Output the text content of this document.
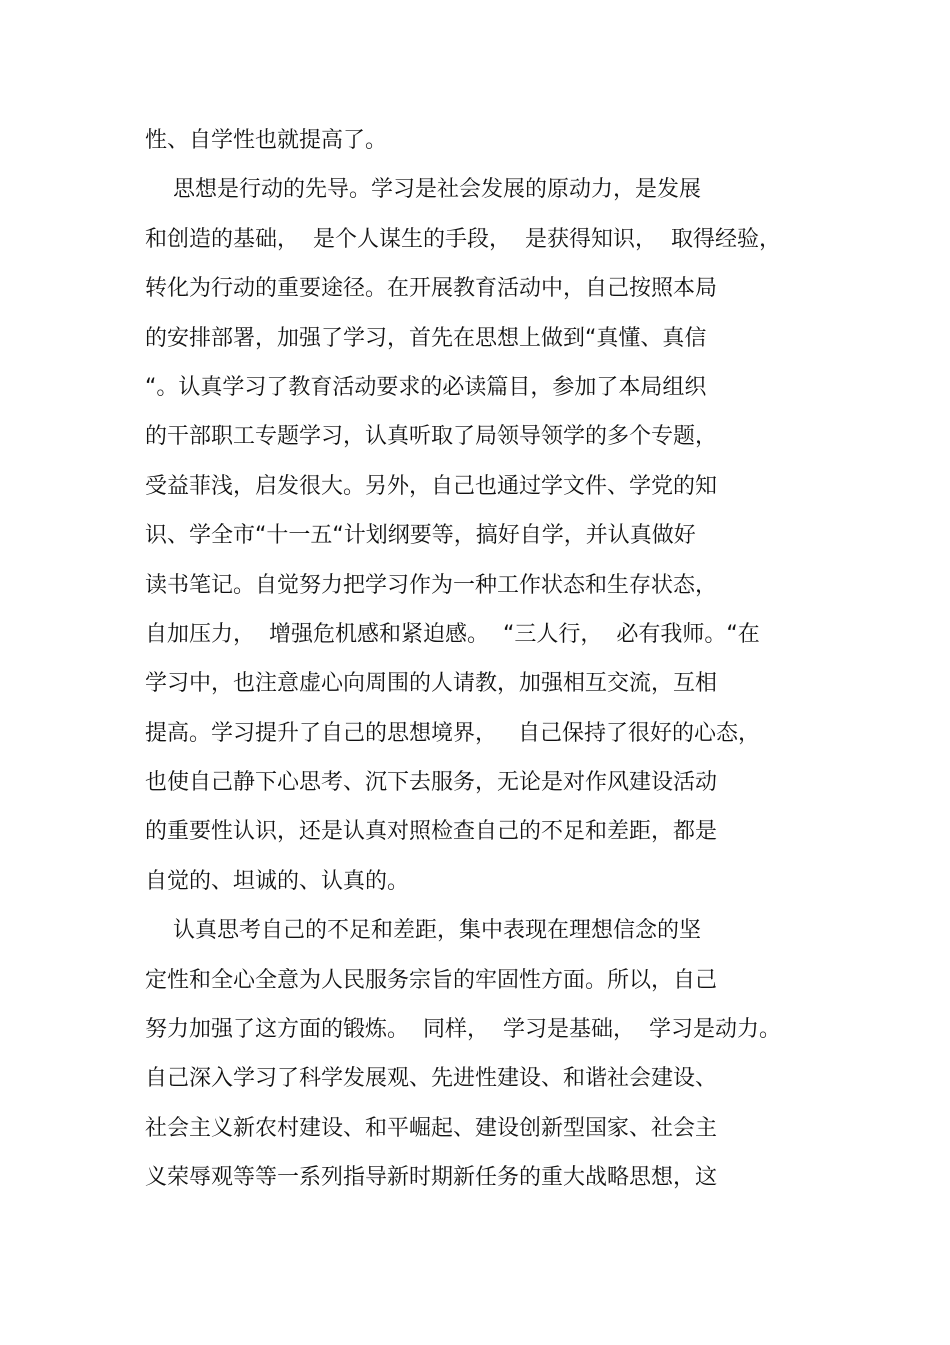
性、自学性也就提高了。
思想是行动的先导。学习是社会发展的原动力，是发展
和创造的基础，  是个人谋生的手段，  是获得知识，  取得经验，
转化为行动的重要途径。在开展教育活动中，自己按照本局
的安排部署，加强了学习，首先在思想上做到“真懂、真信
“。认真学习了教育活动要求的必读篇目，参加了本局组织
的干部职工专题学习，认真听取了局领导领学的多个专题，
受益菲浅，启发很大。另外，自己也通过学文件、学党的知
识、学全市“十一五“计划纲要等，搞好自学，并认真做好
读书笔记。自觉努力把学习作为一种工作状态和生存状态，
自加压力，  增强危机感和紧迫感。  “三人行，  必有我师。“在
学习中，也注意虚心向周围的人请教，加强相互交流，互相
提高。学习提升了自己的思想境界，   自己保持了很好的心态，
也使自己静下心思考、沉下去服务，无论是对作风建设活动
的重要性认识，还是认真对照检查自己的不足和差距，都是
自觉的、坦诚的、认真的。
认真思考自己的不足和差距，集中表现在理想信念的坚
定性和全心全意为人民服务宗旨的牢固性方面。所以，自己
努力加强了这方面的锻炼。  同样，  学习是基础，  学习是动力。
自己深入学习了科学发展观、先进性建设、和谐社会建设、
社会主义新农村建设、和平崛起、建设创新型国家、社会主
义荣辱观等等一系列指导新时期新任务的重大战略思想，这
